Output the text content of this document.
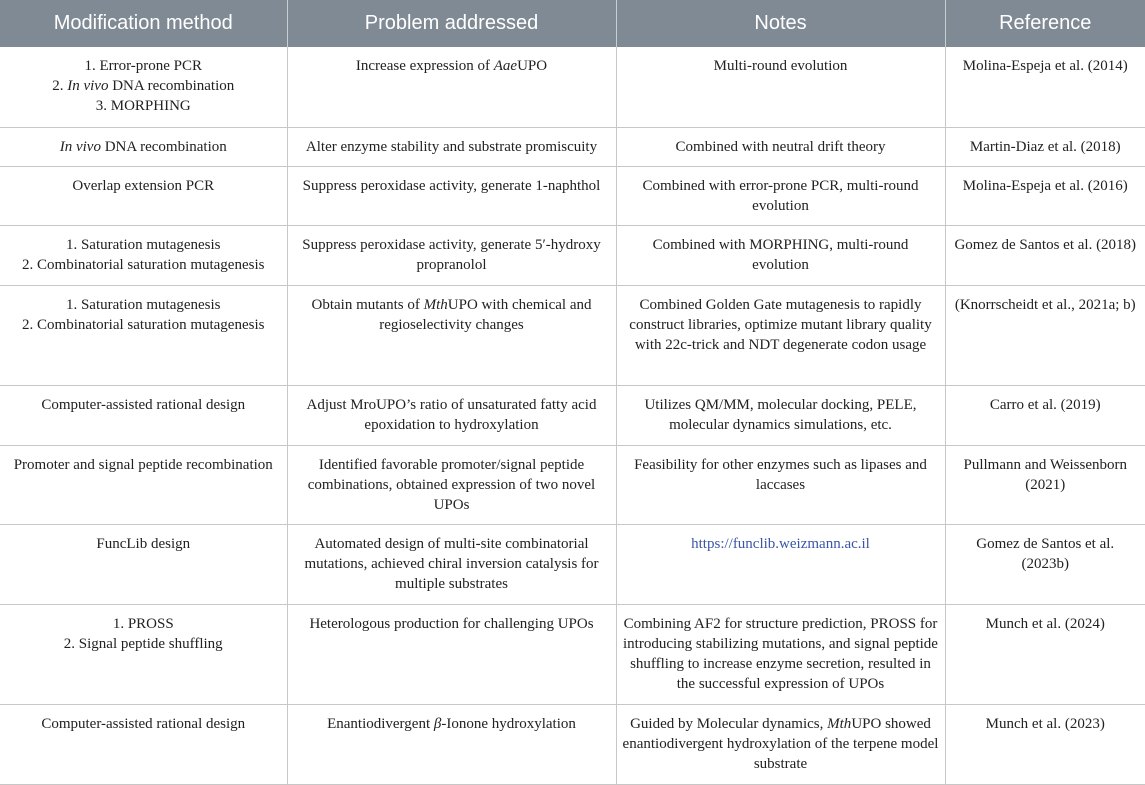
Modification method	Problem addressed	Notes	Reference

1. Error-prone PCR
2. In vivo DNA recombination
3. MORPHING	Increase expression of AaeUPO	Multi-round evolution	Molina-Espeja et al. (2014)

In vivo DNA recombination	Alter enzyme stability and substrate promiscuity	Combined with neutral drift theory	Martin-Diaz et al. (2018)

Overlap extension PCR	Suppress peroxidase activity, generate 1-naphthol	Combined with error-prone PCR, multi-round evolution	Molina-Espeja et al. (2016)

1. Saturation mutagenesis
2. Combinatorial saturation mutagenesis	Suppress peroxidase activity, generate 5′-hydroxy propranolol	Combined with MORPHING, multi-round evolution	Gomez de Santos et al. (2018)

1. Saturation mutagenesis
2. Combinatorial saturation mutagenesis	Obtain mutants of MthUPO with chemical and regioselectivity changes	Combined Golden Gate mutagenesis to rapidly construct libraries, optimize mutant library quality with 22c-trick and NDT degenerate codon usage	(Knorrscheidt et al., 2021a; b)

Computer-assisted rational design	Adjust MroUPO’s ratio of unsaturated fatty acid epoxidation to hydroxylation	Utilizes QM/MM, molecular docking, PELE, molecular dynamics simulations, etc.	Carro et al. (2019)

Promoter and signal peptide recombination	Identified favorable promoter/signal peptide combinations, obtained expression of two novel UPOs	Feasibility for other enzymes such as lipases and laccases	Pullmann and Weissenborn (2021)

FuncLib design	Automated design of multi-site combinatorial mutations, achieved chiral inversion catalysis for multiple substrates	https://funclib.weizmann.ac.il	Gomez de Santos et al. (2023b)

1. PROSS
2. Signal peptide shuffling	Heterologous production for challenging UPOs	Combining AF2 for structure prediction, PROSS for introducing stabilizing mutations, and signal peptide shuffling to increase enzyme secretion, resulted in the successful expression of UPOs	Munch et al. (2024)

Computer-assisted rational design	Enantiodivergent β-Ionone hydroxylation	Guided by Molecular dynamics, MthUPO showed enantiodivergent hydroxylation of the terpene model substrate	Munch et al. (2023)
